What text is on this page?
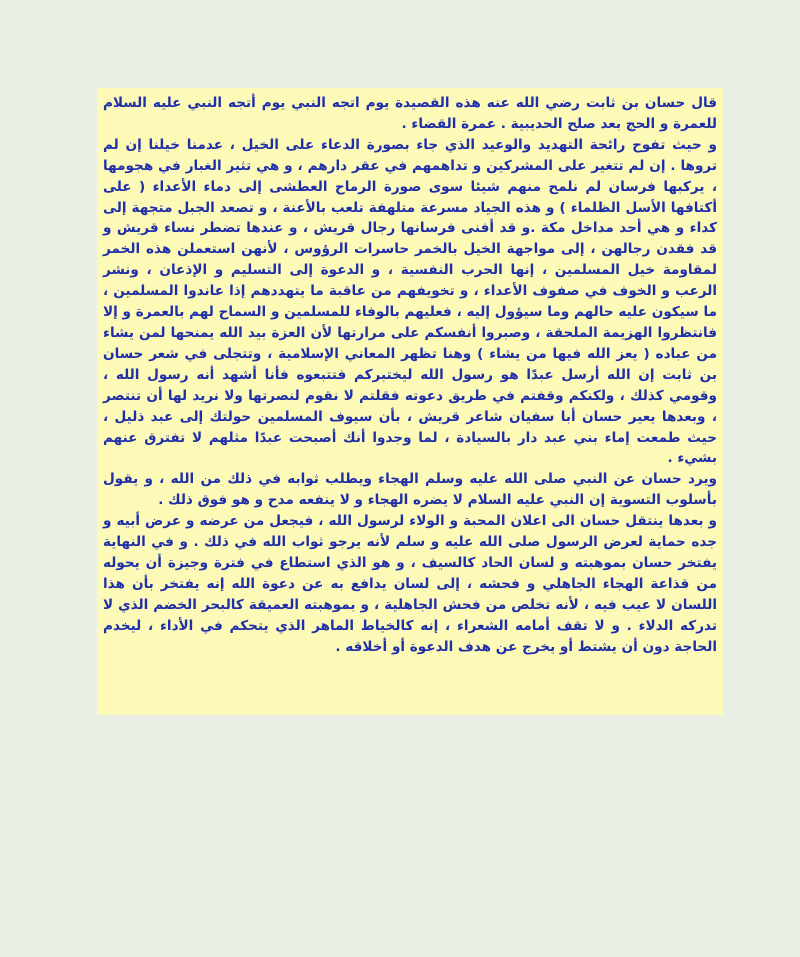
قال حسان بن ثابت رضي الله عنه هذه القصيدة يوم اتجه النبي يوم أتجه النبي عليه السلام للعمرة و الحج بعد صلح الحديبية . عمرة القضاء .

و حيث تفوح رائحة التهديد والوعيد الذي جاء بصورة الدعاء على الخيل ، عدمنا خيلنا إن لم تروها . إن لم تتغير على المشركين و تداهمهم في عقر دارهم ، و هي تثير الغبار في هجومها ، يركبها فرسان لم نلمح منهم شيئا سوى صورة الرماح العطشى إلى دماء الأعداء ( على أكتافها الأسل الظلماء ) و هذه الجياد مسرعة متلهفة تلعب بالأعنة ، و تصعد الجبل متجهة إلى كداء و هي أحد مداخل مكة .و قد أفنى فرسانها رجال قريش ، و عندها تضطر نساء قريش و قد فقدن رجالهن ، إلى مواجهة الخيل بالخمر حاسرات الرؤوس ، لأنهن استعملن هذه الخمر لمقاومة خيل المسلمين ، إنها الحرب النفسية ، و الدعوة إلى التسليم و الإذعان ، ونشر الرعب و الخوف في صفوف الأعداء ، و تخويفهم من عاقبة ما يتهددهم إذا عاندوا المسلمين ، ما سيكون عليه حالهم وما سيؤول إليه ، فعليهم بالوفاء للمسلمين و السماح لهم بالعمرة و إلا فانتظروا الهزيمة الملحقة ، وصبروا أنفسكم على مرارتها لأن العزة بيد الله يمنحها لمن يشاء من عباده ( يعز الله فيها من يشاء ) وهنا تظهر المعاني الإسلامية ، وتتجلى في شعر حسان بن ثابت إن الله أرسل عبدًا هو رسول الله ليختبركم فتتبعوه فأنا أشهد أنه رسول الله ، وقومي كذلك ، ولكنكم وقفتم في طريق دعوته فقلتم لا نقوم لنصرتها ولا نريد لها أن تنتصر ، وبعدها يعير حسان أبا سفيان شاعر قريش ، بأن سيوف المسلمين حولتك إلى عبد ذليل ، حيث طمعت إماء بني عبد دار بالسيادة ، لما وجدوا أنك أصبحت عبدًا مثلهم لا تفترق عنهم بشيء .

ويرد حسان عن النبي صلى الله عليه وسلم الهجاء ويطلب ثوابه في ذلك من الله ، و يقول بأسلوب التسوية إن النبي عليه السلام لا يضره الهجاء و لا ينفعه مدح و هو فوق ذلك .

و بعدها ينتقل حسان الى اعلان المحبة و الولاء لرسول الله ، فيجعل من عرضه و عرض أبيه و جده حماية لعرض الرسول صلى الله عليه و سلم لأنه يرجو ثواب الله في ذلك . و في النهاية يفتخر حسان بموهبته و لسان الحاد كالسيف ، و هو الذي استطاع في فترة وجيزة أن يحوله من قذاعة الهجاء الجاهلي و فحشه ، إلى لسان يدافع به عن دعوة الله إنه يفتخر بأن هذا اللسان لا عيب فيه ، لأنه تخلص من فحش الجاهلية ، و بموهبته العميقة كالبحر الخضم الذي لا تدركه الدلاء . و لا تقف أمامه الشعراء ، إنه كالخياط الماهر الذي يتحكم في الأداء ، ليخدم الحاجة دون أن يشتط أو يخرج عن هدف الدعوة أو أخلاقه .
